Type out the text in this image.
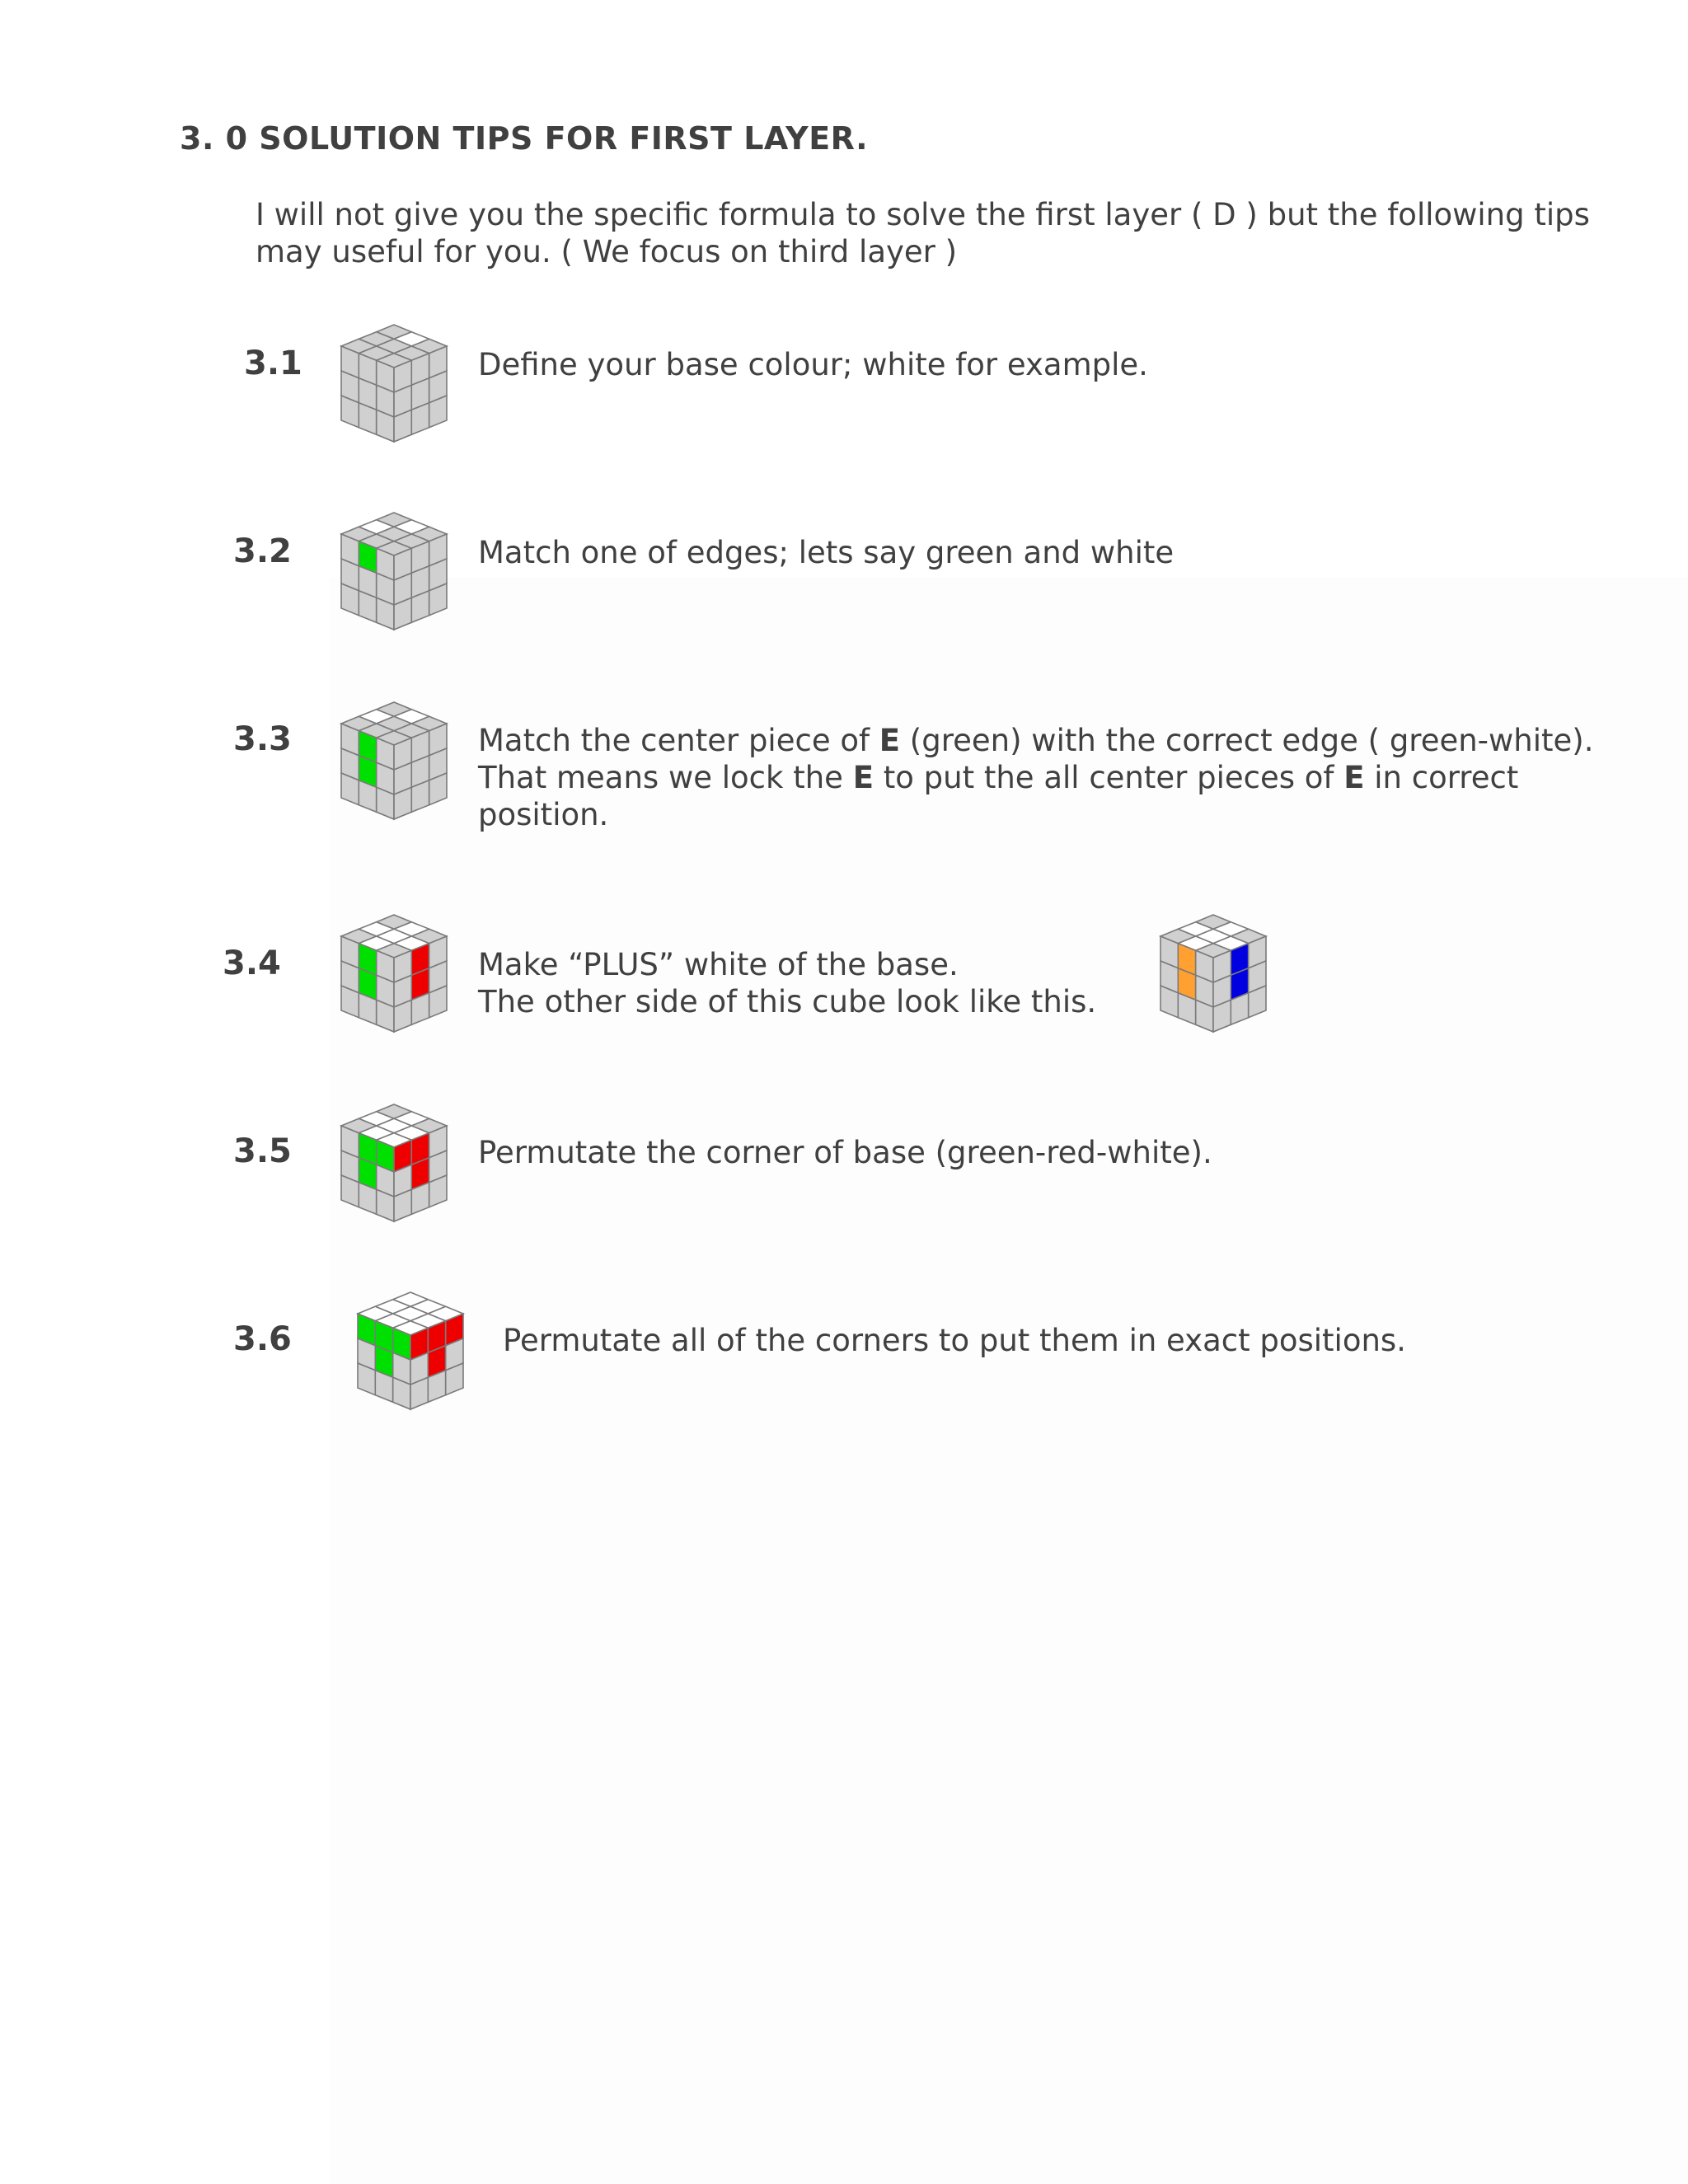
3. 0 SOLUTION TIPS FOR FIRST LAYER.

I will not give you the specific formula to solve the first layer ( D ) but the following tips may useful for you. ( We focus on third layer )

3.1	Define your base colour; white for example.

3.2	Match one of edges; lets say green and white

3.3	Match the center piece of E (green) with the correct edge ( green-white).
That means we lock the E to put the all center pieces of E in correct
position.

3.4	Make “PLUS” white of the base.
The other side of this cube look like this.

3.5	Permutate the corner of base (green-red-white).

3.6	Permutate all of the corners to put them in exact positions.
